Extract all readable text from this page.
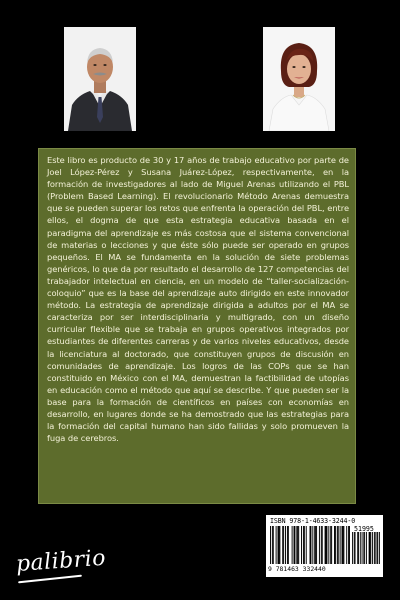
Este libro es producto de 30 y 17 años de trabajo educativo por parte de Joel López-Pérez y Susana Juárez-López, respectivamente, en la formación de investigadores al lado de Miguel Arenas utilizando el PBL (Problem Based Learning). El revolucionario Método Arenas demuestra que se pueden superar los retos que enfrenta la operación del PBL, entre ellos, el dogma de que esta estrategia educativa basada en el paradigma del aprendizaje es más costosa que el sistema convencional de materias o lecciones y que éste sólo puede ser operado en grupos pequeños. El MA se fundamenta en la solución de siete problemas genéricos, lo que da por resultado el desarrollo de 127 competencias del trabajador intelectual en ciencia, en un modelo de “taller-socialización-coloquio” que es la base del aprendizaje auto dirigido en este innovador método. La estrategia de aprendizaje dirigida a adultos por el MA se caracteriza por ser interdisciplinaria y multigrado, con un diseño curricular flexible que se trabaja en grupos operativos integrados por estudiantes de diferentes carreras y de varios niveles educativos, desde la licenciatura al doctorado, que constituyen grupos de discusión en comunidades de aprendizaje. Los logros de las COPs que se han constituido en México con el MA, demuestran la factibilidad de utopías en educación como el método que aquí se describe. Y que pueden ser la base para la formación de científicos en países con economías en desarrollo, en lugares donde se ha demostrado que las estrategias para la formación del capital humano han sido fallidas y solo promueven la fuga de cerebros.

palibrio
ISBN 978-1-4633-3244-0
51995
9 781463 332440
